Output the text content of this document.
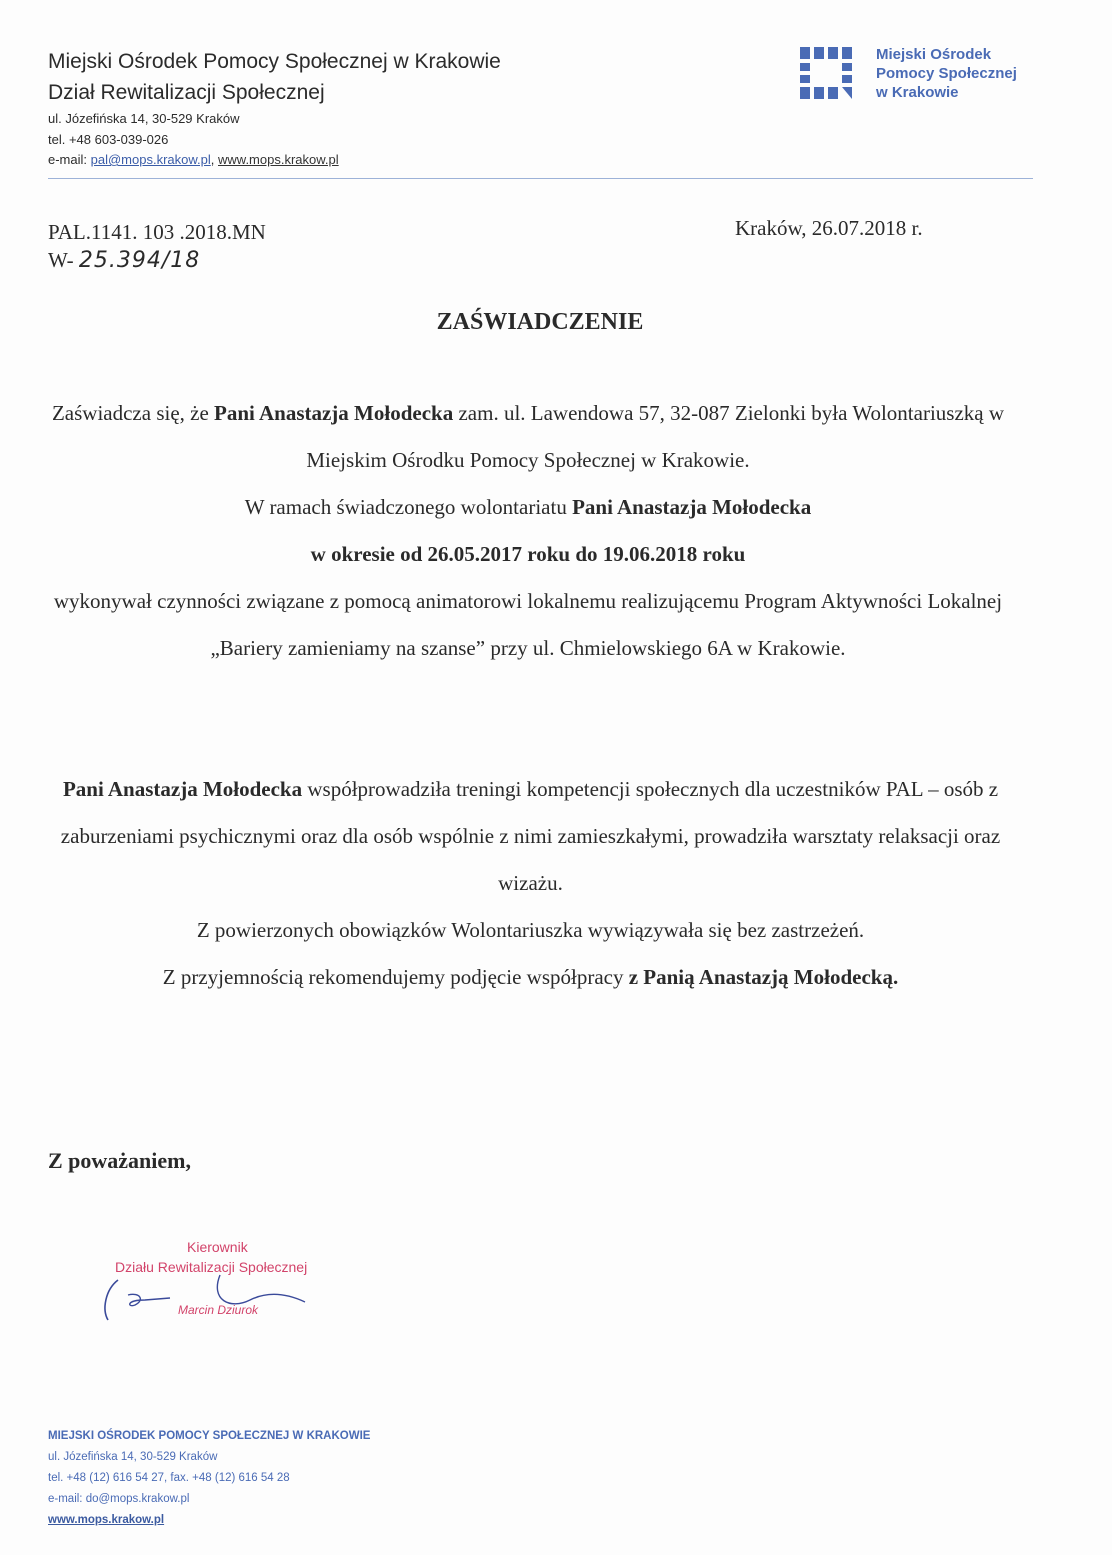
Miejski Ośrodek Pomocy Społecznej w Krakowie
Dział Rewitalizacji Społecznej
ul. Józefińska 14, 30-529 Kraków
tel. +48 603-039-026
e-mail: pal@mops.krakow.pl, www.mops.krakow.pl
Miejski Ośrodek
Pomocy Społecznej
w Krakowie
PAL.1141. 103 .2018.MN
W- 25.394/18
Kraków, 26.07.2018 r.
ZAŚWIADCZENIE
Zaświadcza się, że Pani Anastazja Mołodecka zam. ul. Lawendowa 57, 32-087 Zielonki była Wolontariuszką w Miejskim Ośrodku Pomocy Społecznej w Krakowie.
W ramach świadczonego wolontariatu Pani Anastazja Mołodecka
w okresie od 26.05.2017 roku do 19.06.2018 roku
wykonywał czynności związane z pomocą animatorowi lokalnemu realizującemu Program Aktywności Lokalnej „Bariery zamieniamy na szanse” przy ul. Chmielowskiego 6A w Krakowie.
Pani Anastazja Mołodecka współprowadziła treningi kompetencji społecznych dla uczestników PAL – osób z zaburzeniami psychicznymi oraz dla osób wspólnie z nimi zamieszkałymi, prowadziła warsztaty relaksacji oraz wizażu.
Z powierzonych obowiązków Wolontariuszka wywiązywała się bez zastrzeżeń.
Z przyjemnością rekomendujemy podjęcie współpracy z Panią Anastazją Mołodecką.
Z poważaniem,
Kierownik
Działu Rewitalizacji Społecznej
Marcin Dziurok
MIEJSKI OŚRODEK POMOCY SPOŁECZNEJ W KRAKOWIE
ul. Józefińska 14, 30-529 Kraków
tel. +48 (12) 616 54 27, fax. +48 (12) 616 54 28
e-mail: do@mops.krakow.pl
www.mops.krakow.pl
